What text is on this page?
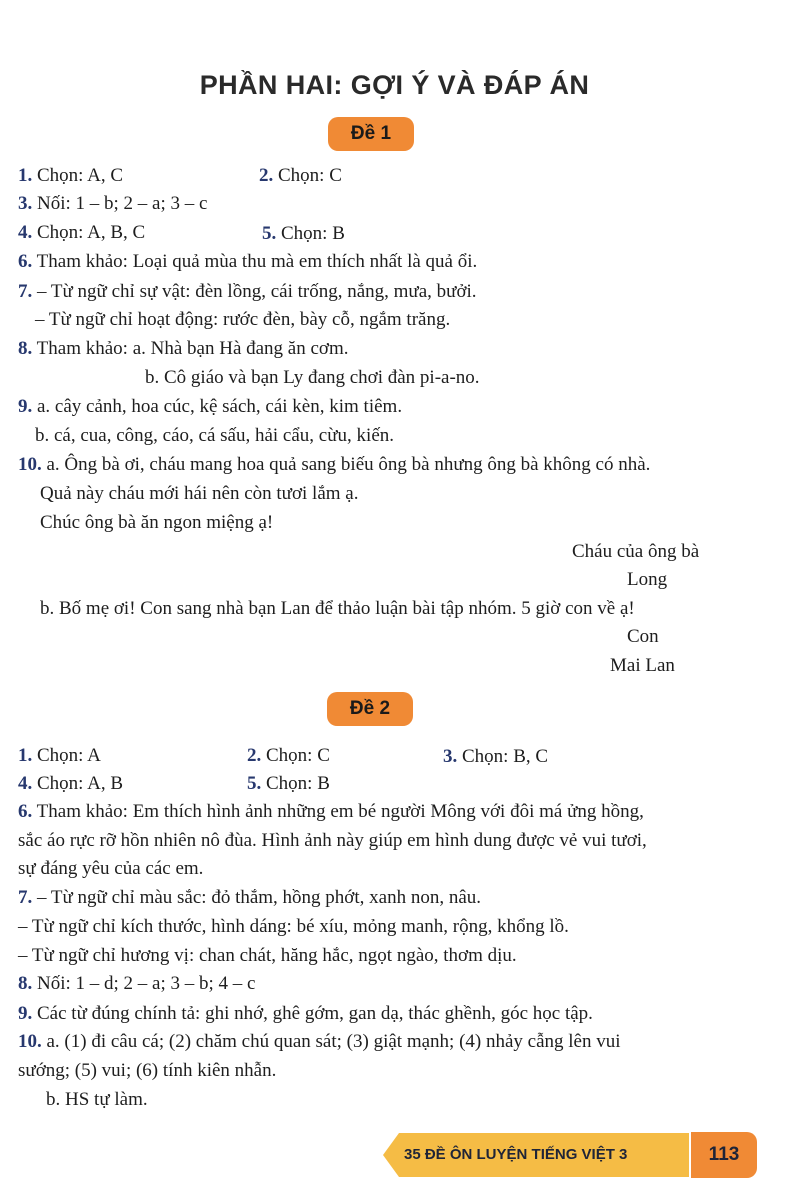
PHẦN HAI: GỢI Ý VÀ ĐÁP ÁN
Đề 1
1. Chọn: A, C	2. Chọn: C
3. Nối: 1 – b; 2 – a; 3 – c
4. Chọn: A, B, C	5. Chọn: B
6. Tham khảo: Loại quả mùa thu mà em thích nhất là quả ổi.
7. – Từ ngữ chỉ sự vật: đèn lồng, cái trống, nắng, mưa, bưởi.
– Từ ngữ chỉ hoạt động: rước đèn, bày cỗ, ngắm trăng.
8. Tham khảo: a. Nhà bạn Hà đang ăn cơm.
b. Cô giáo và bạn Ly đang chơi đàn pi-a-no.
9. a. cây cảnh, hoa cúc, kệ sách, cái kèn, kim tiêm.
b. cá, cua, công, cáo, cá sấu, hải cẩu, cừu, kiến.
10. a. Ông bà ơi, cháu mang hoa quả sang biếu ông bà nhưng ông bà không có nhà.
Quả này cháu mới hái nên còn tươi lắm ạ.
Chúc ông bà ăn ngon miệng ạ!
Cháu của ông bà
Long
b. Bố mẹ ơi! Con sang nhà bạn Lan để thảo luận bài tập nhóm. 5 giờ con về ạ!
Con
Mai Lan
Đề 2
1. Chọn: A	2. Chọn: C	3. Chọn: B, C
4. Chọn: A, B	5. Chọn: B
6. Tham khảo: Em thích hình ảnh những em bé người Mông với đôi má ửng hồng,
sắc áo rực rỡ hồn nhiên nô đùa. Hình ảnh này giúp em hình dung được vẻ vui tươi,
sự đáng yêu của các em.
7. – Từ ngữ chỉ màu sắc: đỏ thắm, hồng phớt, xanh non, nâu.
– Từ ngữ chỉ kích thước, hình dáng: bé xíu, mỏng manh, rộng, khổng lồ.
– Từ ngữ chỉ hương vị: chan chát, hăng hắc, ngọt ngào, thơm dịu.
8. Nối: 1 – d; 2 – a; 3 – b; 4 – c
9. Các từ đúng chính tả: ghi nhớ, ghê gớm, gan dạ, thác ghềnh, góc học tập.
10. a. (1) đi câu cá; (2) chăm chú quan sát; (3) giật mạnh; (4) nhảy cẫng lên vui
sướng; (5) vui; (6) tính kiên nhẫn.
b. HS tự làm.
35 ĐỀ ÔN LUYỆN TIẾNG VIỆT 3	113
